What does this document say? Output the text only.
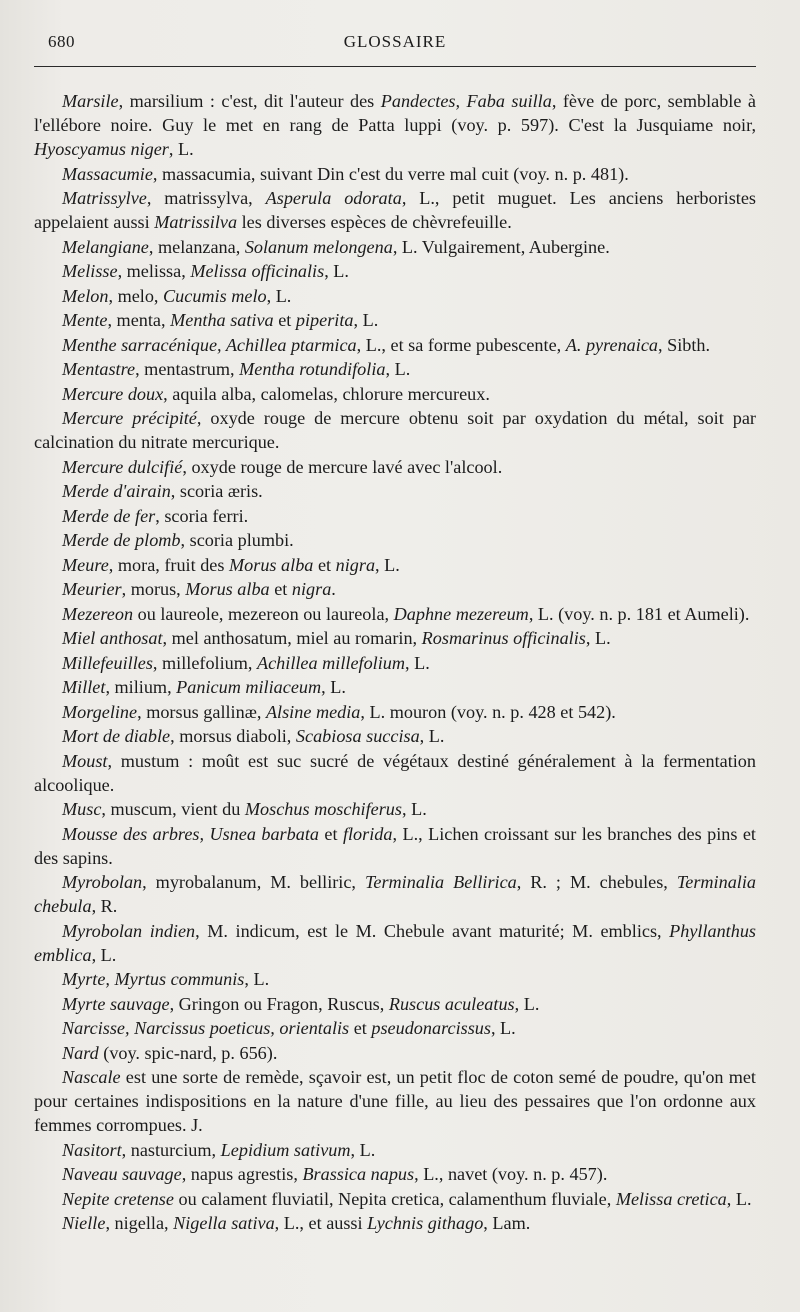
680	GLOSSAIRE
Marsile, marsilium : c'est, dit l'auteur des Pandectes, Faba suilla, fève de porc, semblable à l'ellébore noire. Guy le met en rang de Patta luppi (voy. p. 597). C'est la Jusquiame noir, Hyoscyamus niger, L.
Massacumie, massacumia, suivant Din c'est du verre mal cuit (voy. n. p. 481).
Matrissylve, matrissylva, Asperula odorata, L., petit muguet. Les anciens herboristes appelaient aussi Matrissilva les diverses espèces de chèvrefeuille.
Melangiane, melanzana, Solanum melongena, L. Vulgairement, Aubergine.
Melisse, melissa, Melissa officinalis, L.
Melon, melo, Cucumis melo, L.
Mente, menta, Mentha sativa et piperita, L.
Menthe sarracénique, Achillea ptarmica, L., et sa forme pubescente, A. pyrenaica, Sibth.
Mentastre, mentastrum, Mentha rotundifolia, L.
Mercure doux, aquila alba, calomelas, chlorure mercureux.
Mercure précipité, oxyde rouge de mercure obtenu soit par oxydation du métal, soit par calcination du nitrate mercurique.
Mercure dulcifié, oxyde rouge de mercure lavé avec l'alcool.
Merde d'airain, scoria æris.
Merde de fer, scoria ferri.
Merde de plomb, scoria plumbi.
Meure, mora, fruit des Morus alba et nigra, L.
Meurier, morus, Morus alba et nigra.
Mezereon ou laureole, mezereon ou laureola, Daphne mezereum, L. (voy. n. p. 181 et Aumeli).
Miel anthosat, mel anthosatum, miel au romarin, Rosmarinus officinalis, L.
Millefeuilles, millefolium, Achillea millefolium, L.
Millet, milium, Panicum miliaceum, L.
Morgeline, morsus gallinæ, Alsine media, L. mouron (voy. n. p. 428 et 542).
Mort de diable, morsus diaboli, Scabiosa succisa, L.
Moust, mustum : moût est suc sucré de végétaux destiné généralement à la fermentation alcoolique.
Musc, muscum, vient du Moschus moschiferus, L.
Mousse des arbres, Usnea barbata et florida, L., Lichen croissant sur les branches des pins et des sapins.
Myrobolan, myrobalanum, M. belliric, Terminalia Bellirica, R. ; M. chebules, Terminalia chebula, R.
Myrobolan indien, M. indicum, est le M. Chebule avant maturité; M. emblics, Phyllanthus emblica, L.
Myrte, Myrtus communis, L.
Myrte sauvage, Gringon ou Fragon, Ruscus, Ruscus aculeatus, L.
Narcisse, Narcissus poeticus, orientalis et pseudonarcissus, L.
Nard (voy. spic-nard, p. 656).
Nascale est une sorte de remède, sçavoir est, un petit floc de coton semé de poudre, qu'on met pour certaines indispositions en la nature d'une fille, au lieu des pessaires que l'on ordonne aux femmes corrompues. J.
Nasitort, nasturcium, Lepidium sativum, L.
Naveau sauvage, napus agrestis, Brassica napus, L., navet (voy. n. p. 457).
Nepite cretense ou calament fluviatil, Nepita cretica, calamenthum fluviale, Melissa cretica, L.
Nielle, nigella, Nigella sativa, L., et aussi Lychnis githago, Lam.
